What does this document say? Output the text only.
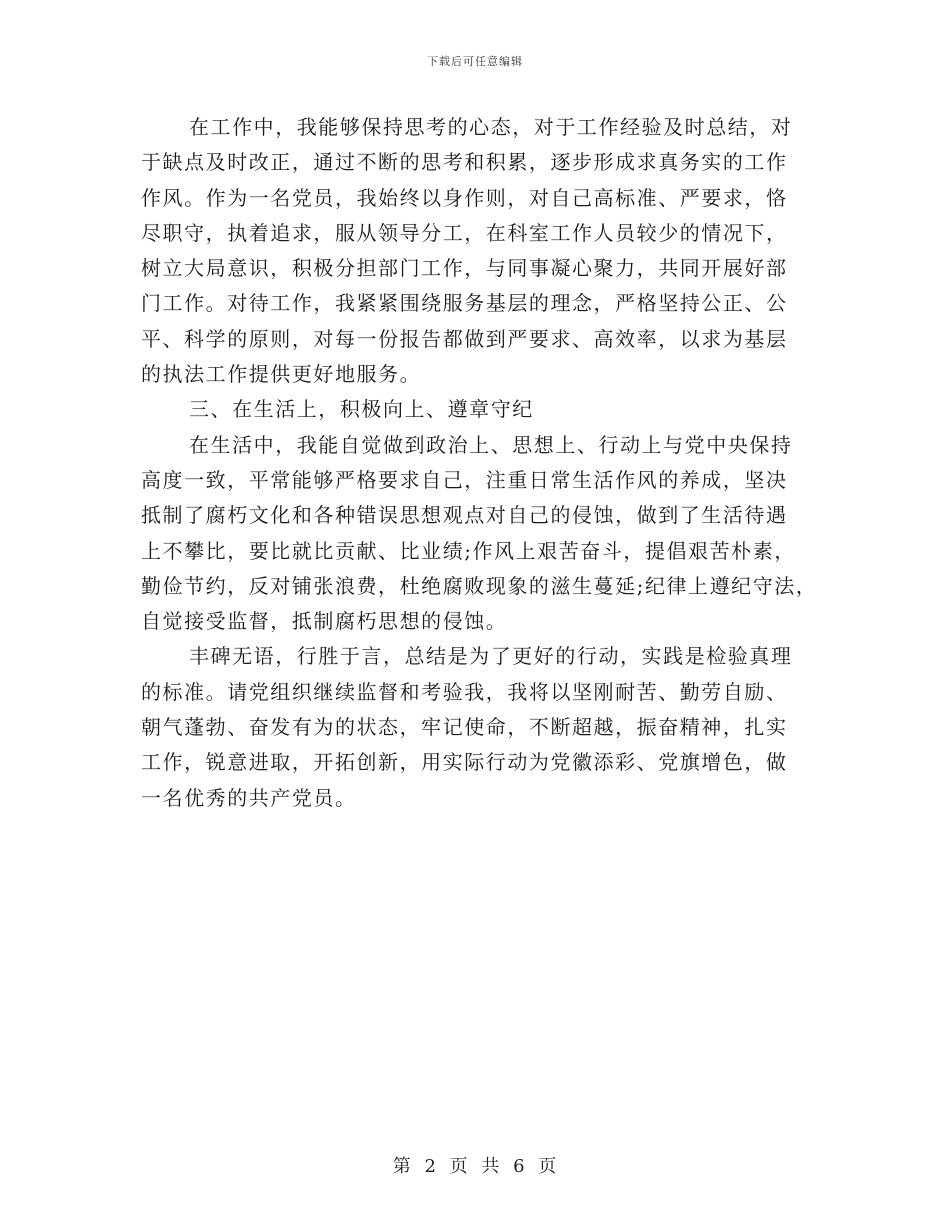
下载后可任意编辑
在工作中，我能够保持思考的心态，对于工作经验及时总结，对
于缺点及时改正，通过不断的思考和积累，逐步形成求真务实的工作
作风。作为一名党员，我始终以身作则，对自己高标准、严要求，恪
尽职守，执着追求，服从领导分工，在科室工作人员较少的情况下，
树立大局意识，积极分担部门工作，与同事凝心聚力，共同开展好部
门工作。对待工作，我紧紧围绕服务基层的理念，严格坚持公正、公
平、科学的原则，对每一份报告都做到严要求、高效率，以求为基层
的执法工作提供更好地服务。
三、在生活上，积极向上、遵章守纪
在生活中，我能自觉做到政治上、思想上、行动上与党中央保持
高度一致，平常能够严格要求自己，注重日常生活作风的养成，坚决
抵制了腐朽文化和各种错误思想观点对自己的侵蚀，做到了生活待遇
上不攀比，要比就比贡献、比业绩;作风上艰苦奋斗，提倡艰苦朴素，
勤俭节约，反对铺张浪费，杜绝腐败现象的滋生蔓延;纪律上遵纪守法，
自觉接受监督，抵制腐朽思想的侵蚀。
丰碑无语，行胜于言，总结是为了更好的行动，实践是检验真理
的标准。请党组织继续监督和考验我，我将以坚刚耐苦、勤劳自励、
朝气蓬勃、奋发有为的状态，牢记使命，不断超越，振奋精神，扎实
工作，锐意进取，开拓创新，用实际行动为党徽添彩、党旗增色，做
一名优秀的共产党员。
第 2 页 共 6 页
